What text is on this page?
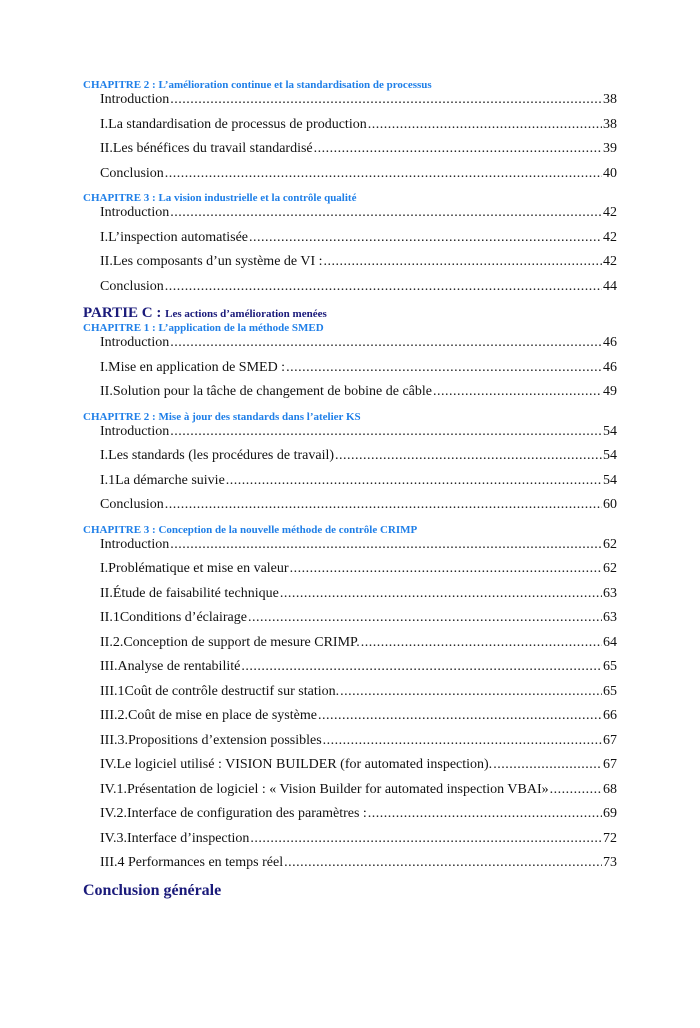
CHAPITRE 2 : L’amélioration continue et la standardisation de processus
Introduction .....	38
I.La standardisation de processus de production .....	38
II.Les bénéfices du travail standardisé .....	39
Conclusion .....	40
CHAPITRE 3 : La vision industrielle et la contrôle qualité
Introduction .....	42
I.L’inspection automatisée .....	42
II.Les composants d’un système de VI : .....	42
Conclusion .....	44
PARTIE C : Les actions d’amélioration menées
CHAPITRE 1 : L’application de la méthode SMED
Introduction .....	46
I.Mise en application de SMED : .....	46
II.Solution pour la tâche de changement de bobine de câble .....	49
CHAPITRE 2 : Mise à jour des standards dans l’atelier KS
Introduction .....	54
I.Les standards (les procédures de travail) .....	54
I.1La démarche suivie .....	54
Conclusion .....	60
CHAPITRE 3 : Conception de la nouvelle méthode de contrôle CRIMP
Introduction .....	62
I.Problématique et mise en valeur .....	62
II.Étude de faisabilité technique .....	63
II.1Conditions d’éclairage .....	63
II.2.Conception de support de mesure CRIMP. .....	64
III.Analyse de rentabilité .....	65
III.1Coût de contrôle destructif sur station. .....	65
III.2.Coût de mise en place de système .....	66
III.3.Propositions d’extension possibles .....	67
IV.Le logiciel utilisé : VISION BUILDER (for automated inspection). .....	67
IV.1.Présentation de logiciel : « Vision Builder for automated inspection VBAI» .....	68
IV.2.Interface de configuration des paramètres : .....	69
IV.3.Interface d’inspection .....	72
III.4 Performances en temps réel .....	73
Conclusion générale
